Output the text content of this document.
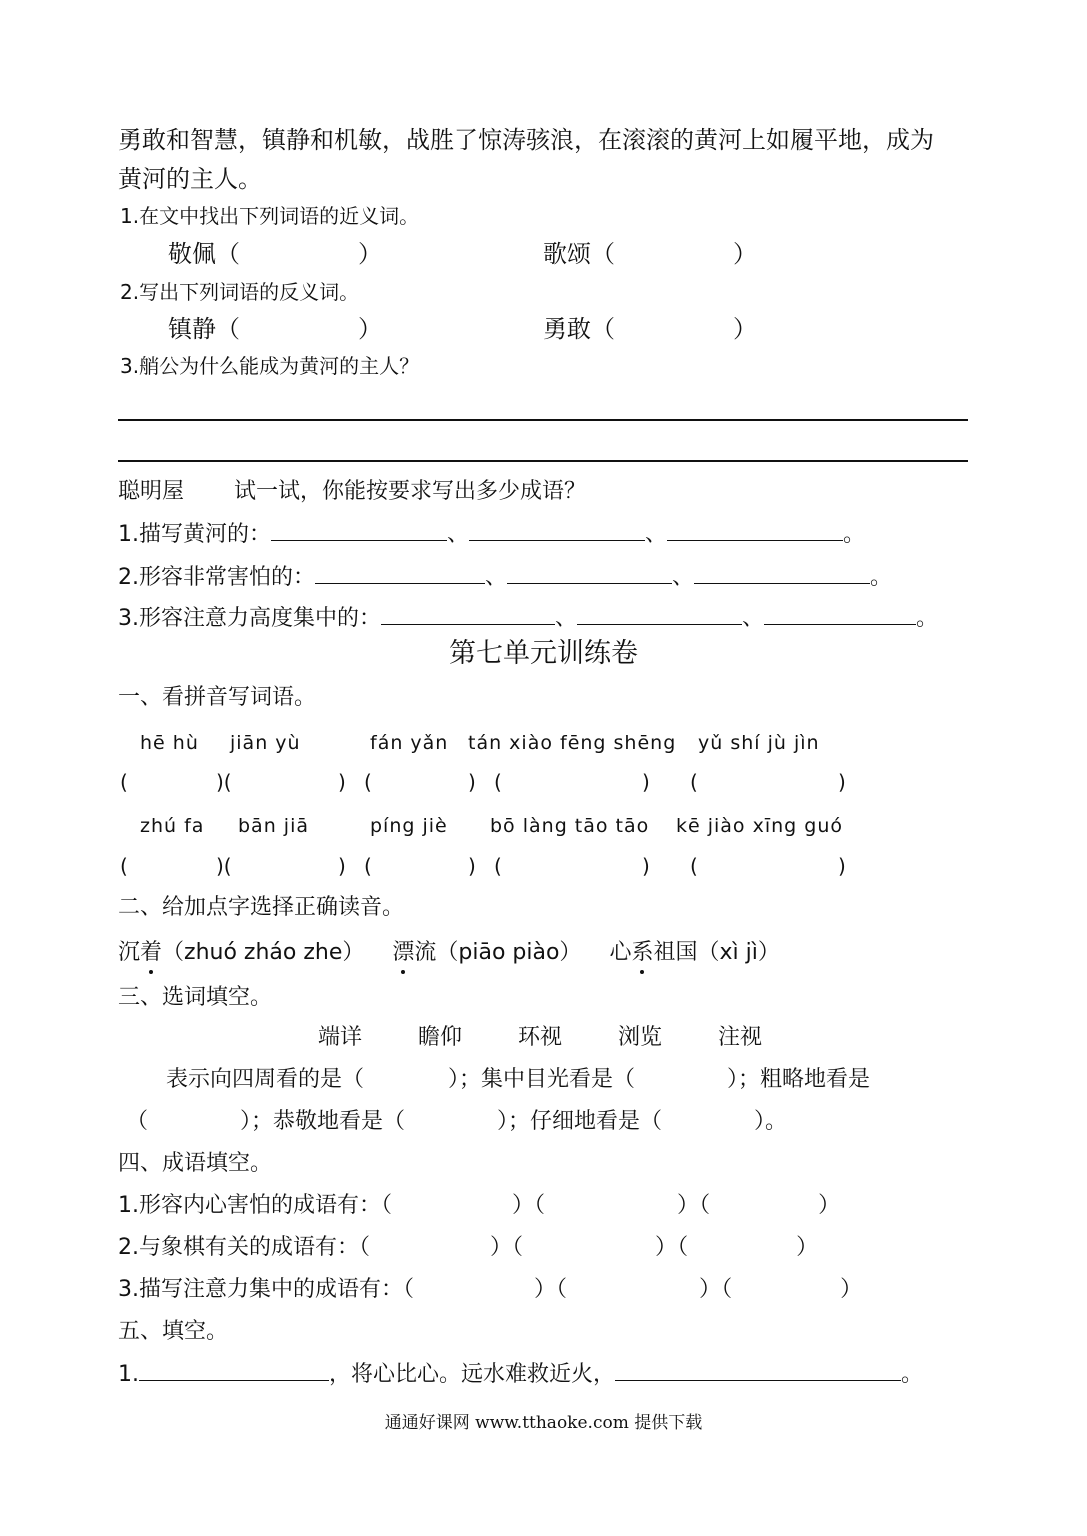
勇敢和智慧，镇静和机敏，战胜了惊涛骇浪，在滚滚的黄河上如履平地，成为
黄河的主人。
1.在文中找出下列词语的近义词。
敬佩（	）	歌颂（	）
2.写出下列词语的反义词。
镇静（	）	勇敢（	）
3.艄公为什么能成为黄河的主人？
聪明屋 试一试，你能按要求写出多少成语？
1.描写黄河的：	、	、	。
2.形容非常害怕的：	、	、	。
3.形容注意力高度集中的：	、	、	。
第七单元训练卷
一、看拼音写词语。
hē hù jiān yù	fán yǎn tán xiào fēng shēng yǔ shí jù jìn
(	)(	) (	) (	) (	)
zhú fa bān jiā	píng jiè bō làng tāo tāo kē jiào xīng guó
(	)(	) (	) (	) (	)
二、给加点字选择正确读音。
沉着（zhuó zháo zhe） 漂流（piāo piào） 心系祖国（xì jì）
三、选词填空。
端详	瞻仰	环视	浏览	注视
表示向四周看的是（	）；集中目光看是（	）；粗略地看是
（	）；恭敬地看是（	）；仔细地看是（	）。
四、成语填空。
1.形容内心害怕的成语有：（	）（	）（	）
2.与象棋有关的成语有：（	）（	）（	）
3.描写注意力集中的成语有：（	）（	）（	）
五、填空。
1.	，将心比心。远水难救近火，	。
通通好课网 www.tthaoke.com 提供下载
